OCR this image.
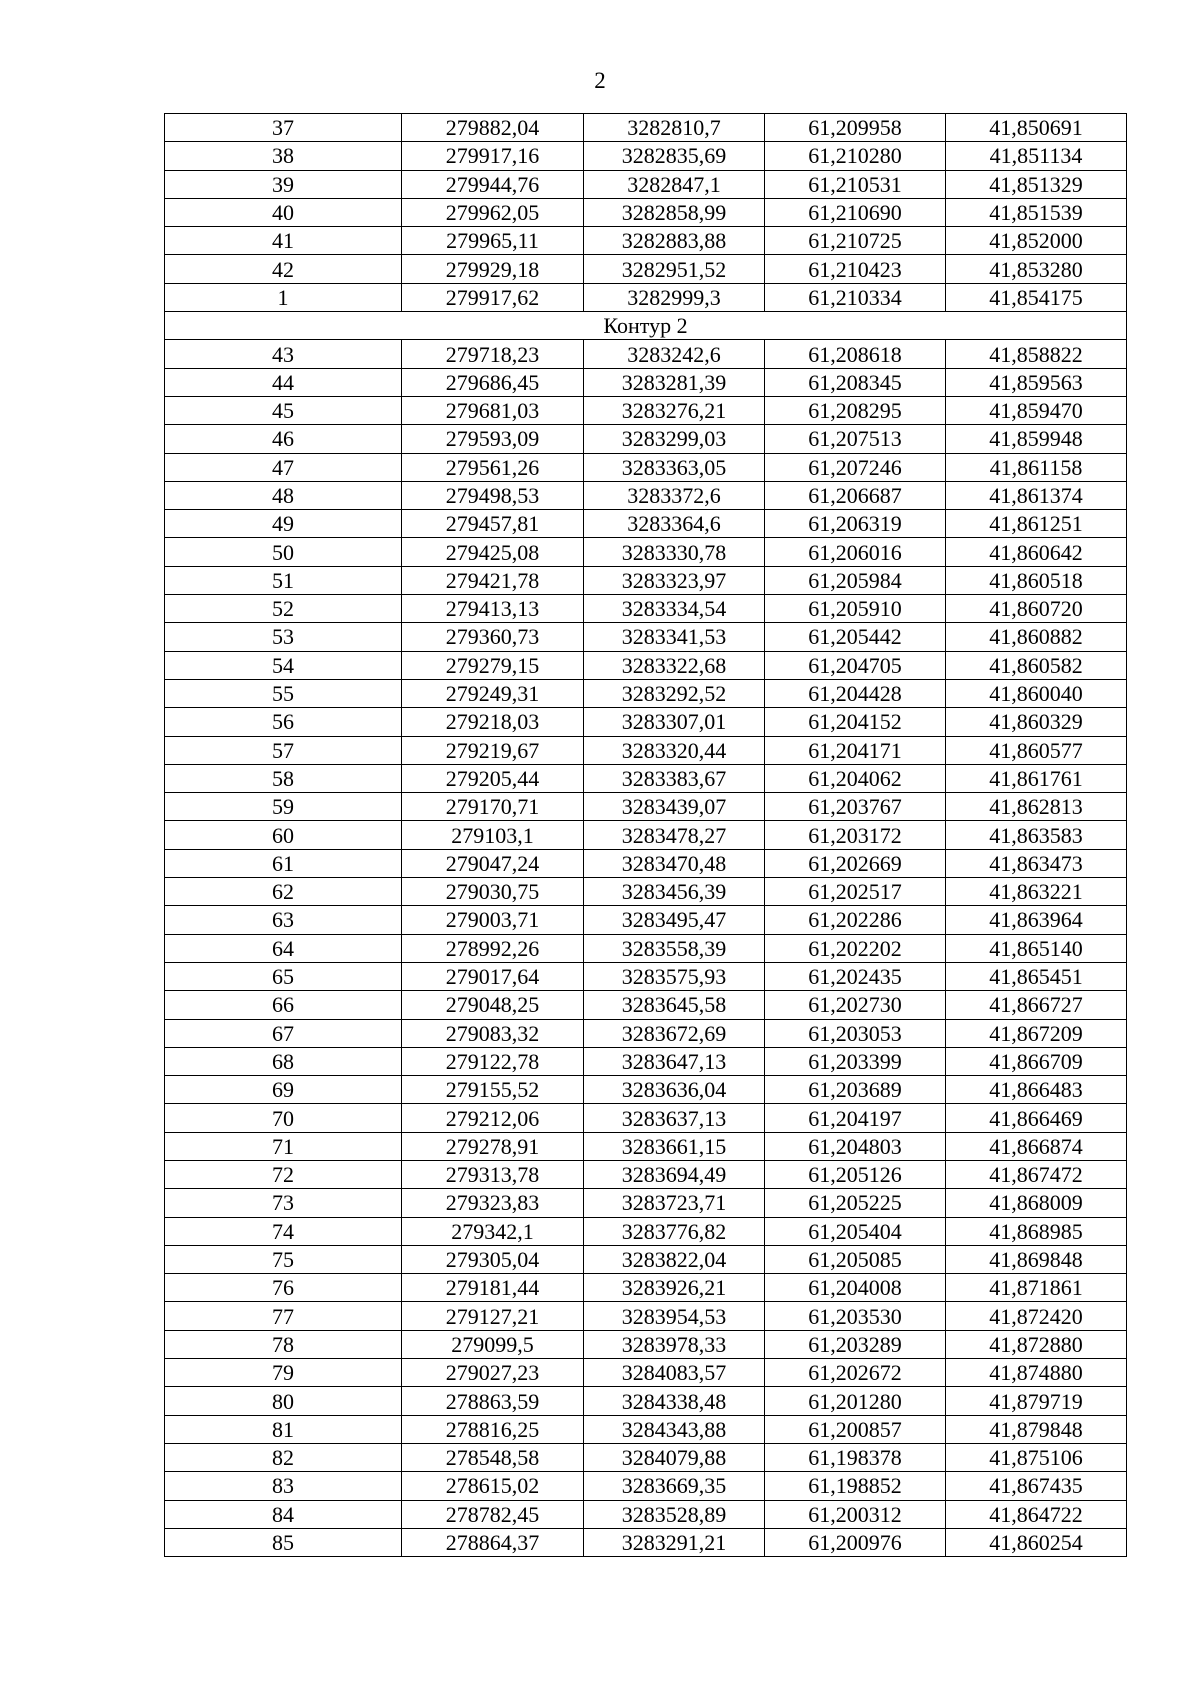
2
37	279882,04	3282810,7	61,209958	41,850691
38	279917,16	3282835,69	61,210280	41,851134
39	279944,76	3282847,1	61,210531	41,851329
40	279962,05	3282858,99	61,210690	41,851539
41	279965,11	3282883,88	61,210725	41,852000
42	279929,18	3282951,52	61,210423	41,853280
1	279917,62	3282999,3	61,210334	41,854175
Контур 2				
43	279718,23	3283242,6	61,208618	41,858822
44	279686,45	3283281,39	61,208345	41,859563
45	279681,03	3283276,21	61,208295	41,859470
46	279593,09	3283299,03	61,207513	41,859948
47	279561,26	3283363,05	61,207246	41,861158
48	279498,53	3283372,6	61,206687	41,861374
49	279457,81	3283364,6	61,206319	41,861251
50	279425,08	3283330,78	61,206016	41,860642
51	279421,78	3283323,97	61,205984	41,860518
52	279413,13	3283334,54	61,205910	41,860720
53	279360,73	3283341,53	61,205442	41,860882
54	279279,15	3283322,68	61,204705	41,860582
55	279249,31	3283292,52	61,204428	41,860040
56	279218,03	3283307,01	61,204152	41,860329
57	279219,67	3283320,44	61,204171	41,860577
58	279205,44	3283383,67	61,204062	41,861761
59	279170,71	3283439,07	61,203767	41,862813
60	279103,1	3283478,27	61,203172	41,863583
61	279047,24	3283470,48	61,202669	41,863473
62	279030,75	3283456,39	61,202517	41,863221
63	279003,71	3283495,47	61,202286	41,863964
64	278992,26	3283558,39	61,202202	41,865140
65	279017,64	3283575,93	61,202435	41,865451
66	279048,25	3283645,58	61,202730	41,866727
67	279083,32	3283672,69	61,203053	41,867209
68	279122,78	3283647,13	61,203399	41,866709
69	279155,52	3283636,04	61,203689	41,866483
70	279212,06	3283637,13	61,204197	41,866469
71	279278,91	3283661,15	61,204803	41,866874
72	279313,78	3283694,49	61,205126	41,867472
73	279323,83	3283723,71	61,205225	41,868009
74	279342,1	3283776,82	61,205404	41,868985
75	279305,04	3283822,04	61,205085	41,869848
76	279181,44	3283926,21	61,204008	41,871861
77	279127,21	3283954,53	61,203530	41,872420
78	279099,5	3283978,33	61,203289	41,872880
79	279027,23	3284083,57	61,202672	41,874880
80	278863,59	3284338,48	61,201280	41,879719
81	278816,25	3284343,88	61,200857	41,879848
82	278548,58	3284079,88	61,198378	41,875106
83	278615,02	3283669,35	61,198852	41,867435
84	278782,45	3283528,89	61,200312	41,864722
85	278864,37	3283291,21	61,200976	41,860254
